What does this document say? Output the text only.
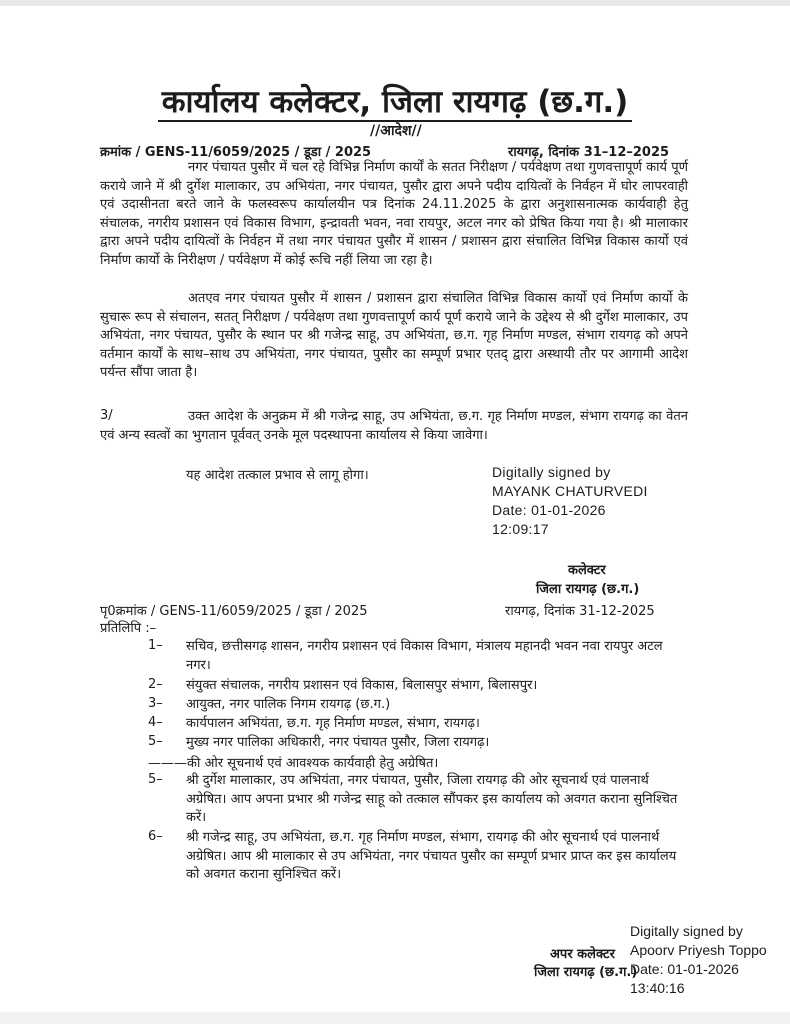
कार्यालय कलेक्टर, जिला रायगढ़ (छ.ग.)
//आदेश//
क्रमांक / GENS-11/6059/2025 / डूडा / 2025	रायगढ़, दिनांक 31–12–2025
नगर पंचायत पुसौर में चल रहे विभिन्न निर्माण कार्यों के सतत निरीक्षण / पर्यवेक्षण तथा गुणवत्तापूर्ण कार्य पूर्ण कराये जाने में श्री दुर्गेश मालाकार, उप अभियंता, नगर पंचायत, पुसौर द्वारा अपने पदीय दायित्वों के निर्वहन में घोर लापरवाही एवं उदासीनता बरते जाने के फलस्वरूप कार्यालयीन पत्र दिनांक 24.11.2025 के द्वारा अनुशासनात्मक कार्यवाही हेतु संचालक, नगरीय प्रशासन एवं विकास विभाग, इन्द्रावती भवन, नवा रायपुर, अटल नगर को प्रेषित किया गया है। श्री मालाकार द्वारा अपने पदीय दायित्वों के निर्वहन में तथा नगर पंचायत पुसौर में शासन / प्रशासन द्वारा संचालित विभिन्न विकास कार्यो एवं निर्माण कार्यो के निरीक्षण / पर्यवेक्षण में कोई रूचि नहीं लिया जा रहा है।
अतएव नगर पंचायत पुसौर में शासन / प्रशासन द्वारा संचालित विभिन्न विकास कार्यो एवं निर्माण कार्यो के सुचारू रूप से संचालन, सतत् निरीक्षण / पर्यवेक्षण तथा गुणवत्तापूर्ण कार्य पूर्ण कराये जाने के उद्देश्य से श्री दुर्गेश मालाकार, उप अभियंता, नगर पंचायत, पुसौर के स्थान पर श्री गजेन्द्र साहू, उप अभियंता, छ.ग. गृह निर्माण मण्डल, संभाग रायगढ़ को अपने वर्तमान कार्यों के साथ–साथ उप अभियंता, नगर पंचायत, पुसौर का सम्पूर्ण प्रभार एतद् द्वारा अस्थायी तौर पर आगामी आदेश पर्यन्त सौंपा जाता है।
3/	उक्त आदेश के अनुक्रम में श्री गजेन्द्र साहू, उप अभियंता, छ.ग. गृह निर्माण मण्डल, संभाग रायगढ़ का वेतन एवं अन्य स्वत्वों का भुगतान पूर्ववत् उनके मूल पदस्थापना कार्यालय से किया जावेगा।
यह आदेश तत्काल प्रभाव से लागू होगा।	Digitally signed by
MAYANK CHATURVEDI
Date: 01-01-2026
12:09:17
कलेक्टर
जिला रायगढ़ (छ.ग.)
पृ0क्रमांक / GENS-11/6059/2025 / डूडा / 2025	रायगढ़, दिनांक 31-12-2025
प्रतिलिपि :–
1– सचिव, छत्तीसगढ़ शासन, नगरीय प्रशासन एवं विकास विभाग, मंत्रालय महानदी भवन नवा रायपुर अटल नगर।
2– संयुक्त संचालक, नगरीय प्रशासन एवं विकास, बिलासपुर संभाग, बिलासपुर।
3– आयुक्त, नगर पालिक निगम रायगढ़ (छ.ग.)
4– कार्यपालन अभियंता, छ.ग. गृह निर्माण मण्डल, संभाग, रायगढ़।
5– मुख्य नगर पालिका अधिकारी, नगर पंचायत पुसौर, जिला रायगढ़।
———की ओर सूचनार्थ एवं आवश्यक कार्यवाही हेतु अग्रेषित।
5– श्री दुर्गेश मालाकार, उप अभियंता, नगर पंचायत, पुसौर, जिला रायगढ़ की ओर सूचनार्थ एवं पालनार्थ अग्रेषित। आप अपना प्रभार श्री गजेन्द्र साहू को तत्काल सौंपकर इस कार्यालय को अवगत कराना सुनिश्चित करें।
6– श्री गजेन्द्र साहू, उप अभियंता, छ.ग. गृह निर्माण मण्डल, संभाग, रायगढ़ की ओर सूचनार्थ एवं पालनार्थ अग्रेषित। आप श्री मालाकार से उप अभियंता, नगर पंचायत पुसौर का सम्पूर्ण प्रभार प्राप्त कर इस कार्यालय को अवगत कराना सुनिश्चित करें।
Digitally signed by
Apoorv Priyesh Toppo
Date: 01-01-2026
13:40:16
अपर कलेक्टर
जिला रायगढ़ (छ.ग.)
